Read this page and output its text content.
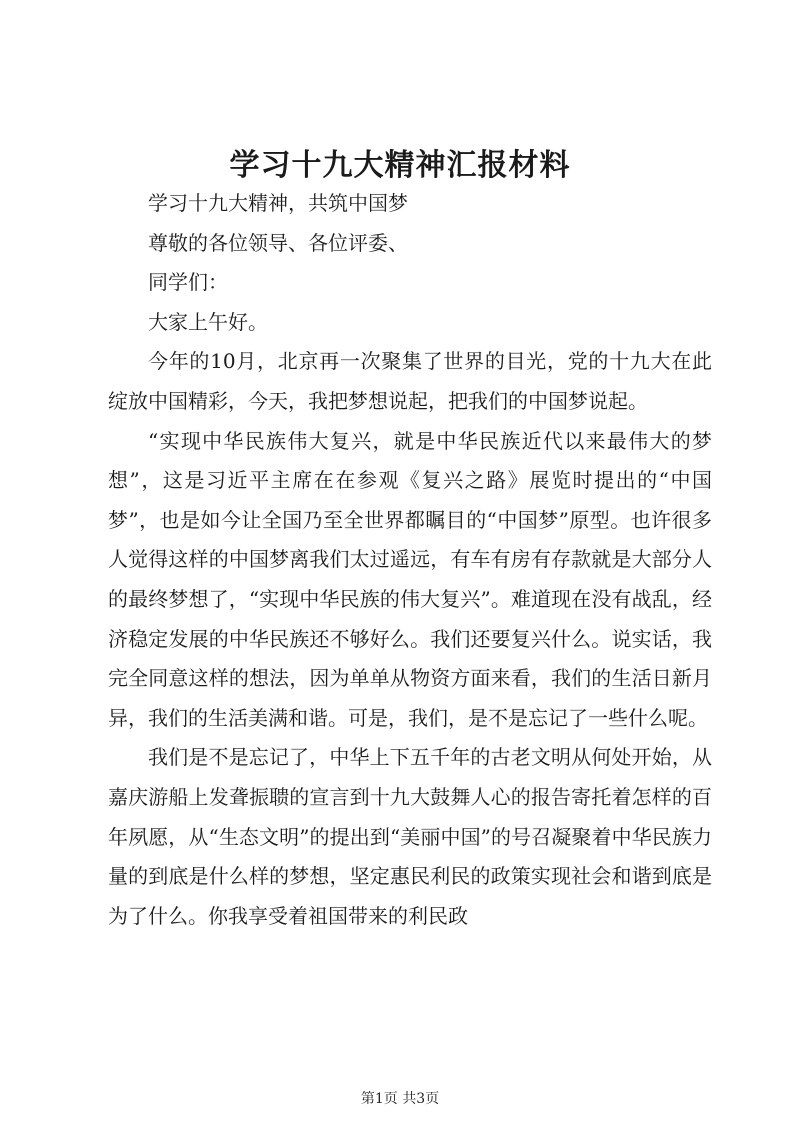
学习十九大精神汇报材料

学习十九大精神，共筑中国梦

尊敬的各位领导、各位评委、

同学们：

大家上午好。

今年的10月，北京再一次聚集了世界的目光，党的十九大在此绽放中国精彩，今天，我把梦想说起，把我们的中国梦说起。

“实现中华民族伟大复兴，就是中华民族近代以来最伟大的梦想”，这是习近平主席在在参观《复兴之路》展览时提出的“中国梦”，也是如今让全国乃至全世界都瞩目的“中国梦”原型。也许很多人觉得这样的中国梦离我们太过遥远，有车有房有存款就是大部分人的最终梦想了，“实现中华民族的伟大复兴”。难道现在没有战乱，经济稳定发展的中华民族还不够好么。我们还要复兴什么。说实话，我完全同意这样的想法，因为单单从物资方面来看，我们的生活日新月异，我们的生活美满和谐。可是，我们，是不是忘记了一些什么呢。

我们是不是忘记了，中华上下五千年的古老文明从何处开始，从嘉庆游船上发聋振聩的宣言到十九大鼓舞人心的报告寄托着怎样的百年夙愿，从“生态文明”的提出到“美丽中国”的号召凝聚着中华民族力量的到底是什么样的梦想，坚定惠民利民的政策实现社会和谐到底是为了什么。你我享受着祖国带来的利民政

第1页 共3页
